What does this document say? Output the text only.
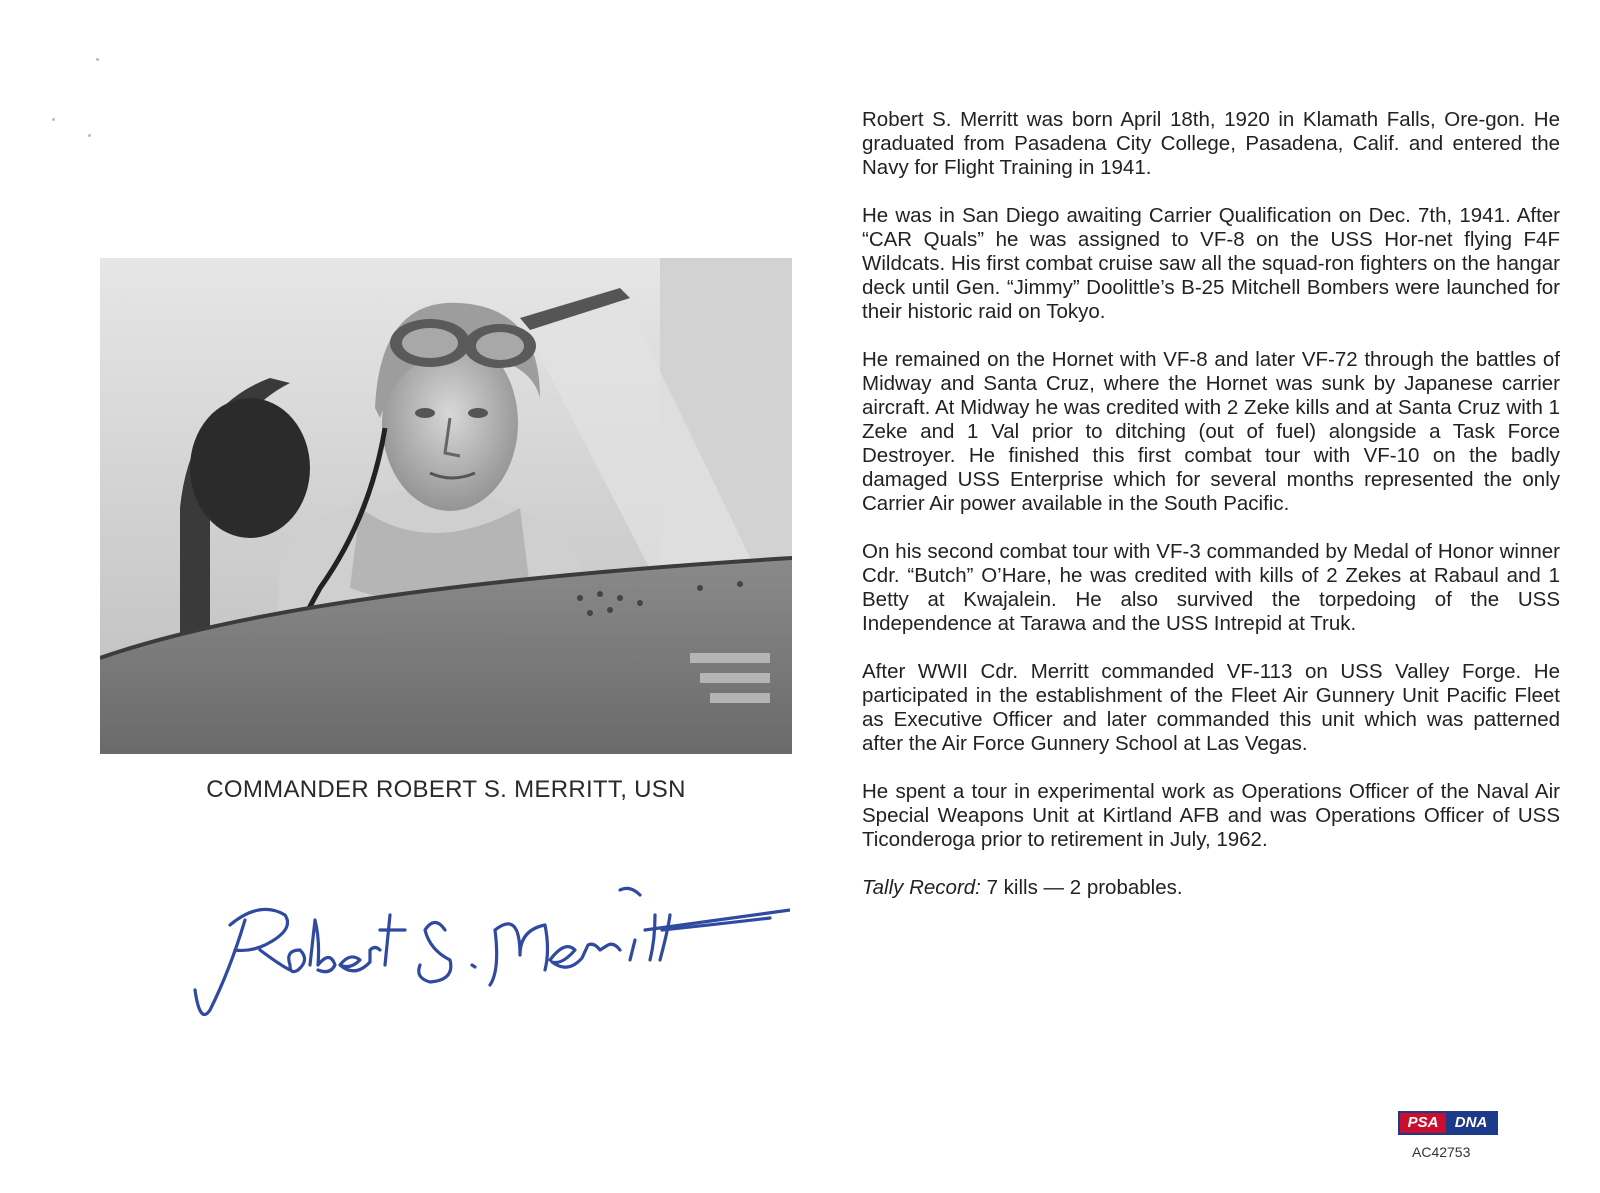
COMMANDER ROBERT S. MERRITT, USN

Robert S. Merritt was born April 18th, 1920 in Klamath Falls, Ore-gon. He graduated from Pasadena City College, Pasadena, Calif. and entered the Navy for Flight Training in 1941.

He was in San Diego awaiting Carrier Qualification on Dec. 7th, 1941. After “CAR Quals” he was assigned to VF-8 on the USS Hor-net flying F4F Wildcats. His first combat cruise saw all the squad-ron fighters on the hangar deck until Gen. “Jimmy” Doolittle’s B-25 Mitchell Bombers were launched for their historic raid on Tokyo.

He remained on the Hornet with VF-8 and later VF-72 through the battles of Midway and Santa Cruz, where the Hornet was sunk by Japanese carrier aircraft. At Midway he was credited with 2 Zeke kills and at Santa Cruz with 1 Zeke and 1 Val prior to ditching (out of fuel) alongside a Task Force Destroyer. He finished this first combat tour with VF-10 on the badly damaged USS Enterprise which for several months represented the only Carrier Air power available in the South Pacific.

On his second combat tour with VF-3 commanded by Medal of Honor winner Cdr. “Butch” O’Hare, he was credited with kills of 2 Zekes at Rabaul and 1 Betty at Kwajalein. He also survived the torpedoing of the USS Independence at Tarawa and the USS Intrepid at Truk.

After WWII Cdr. Merritt commanded VF-113 on USS Valley Forge. He participated in the establishment of the Fleet Air Gunnery Unit Pacific Fleet as Executive Officer and later commanded this unit which was patterned after the Air Force Gunnery School at Las Vegas.

He spent a tour in experimental work as Operations Officer of the Naval Air Special Weapons Unit at Kirtland AFB and was Operations Officer of USS Ticonderoga prior to retirement in July, 1962.

Tally Record: 7 kills — 2 probables.

PSA	DNA
AC42753
